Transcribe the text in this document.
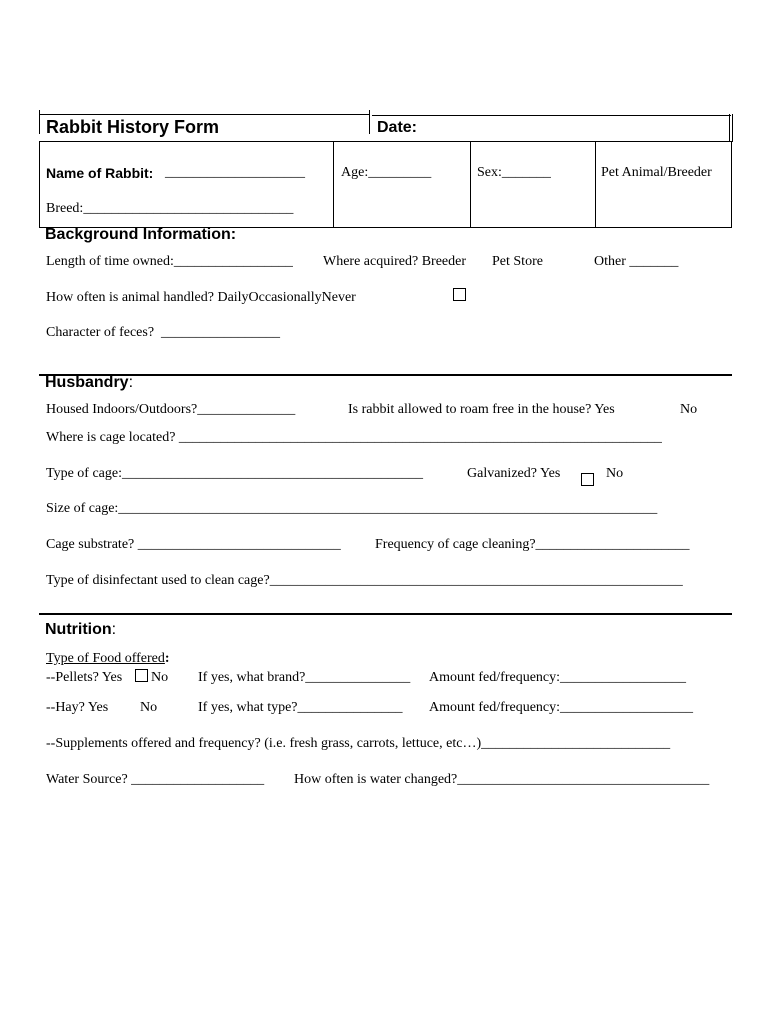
Rabbit History Form	Date:
Name of Rabbit: ____________________	Age:_________	Sex:_______	Pet Animal/Breeder
Breed:______________________________
Background Information:
Length of time owned:_________________ Where acquired? Breeder Pet Store	Other _______
How often is animal handled? DailyOccasionallyNever
Character of feces?  _________________
Husbandry:
Housed Indoors/Outdoors?______________	Is rabbit allowed to roam free in the house? Yes	No
Where is cage located? _____________________________________________________________________
Type of cage:___________________________________________	Galvanized? Yes	No
Size of cage:_____________________________________________________________________________
Cage substrate? _____________________________ Frequency of cage cleaning?______________________
Type of disinfectant used to clean cage?___________________________________________________________
Nutrition:
Type of Food offered:
--Pellets? Yes No If yes, what brand?_______________ Amount fed/frequency:__________________
--Hay? Yes No	If yes, what type?_______________ Amount fed/frequency:___________________
--Supplements offered and frequency? (i.e. fresh grass, carrots, lettuce, etc…)___________________________
Water Source? ___________________ How often is water changed?____________________________________
